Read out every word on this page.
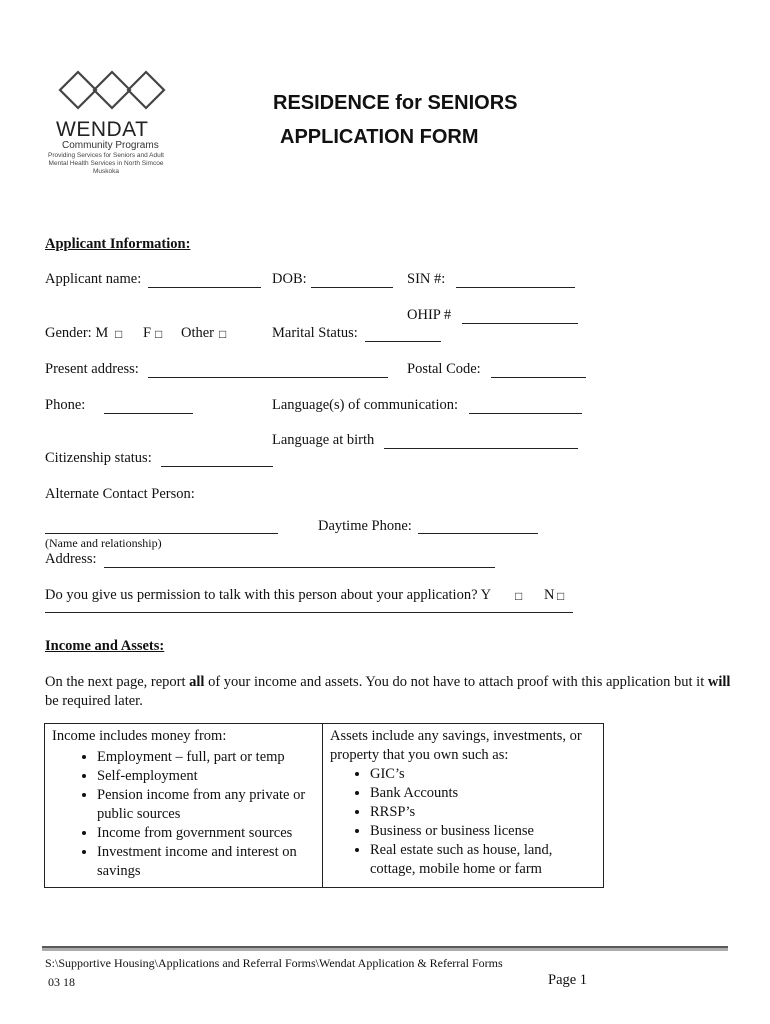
WENDAT
Community Programs
Providing Services for Seniors and Adult Mental Health Services in North Simcoe Muskoka
RESIDENCE for SENIORS
APPLICATION FORM
Applicant Information:
Applicant name:	DOB:	SIN #:
OHIP #
Gender: M □ F □ Other □	Marital Status:
Present address:	Postal Code:
Phone:	Language(s) of communication:
Language at birth
Citizenship status:
Alternate Contact Person:
Daytime Phone:
(Name and relationship)
Address:
Do you give us permission to talk with this person about your application? Y □ N □
Income and Assets:
On the next page, report all of your income and assets. You do not have to attach proof with this application but it will be required later.
Income includes money from:
• Employment – full, part or temp
• Self-employment
• Pension income from any private or public sources
• Income from government sources
• Investment income and interest on savings

Assets include any savings, investments, or property that you own such as:
• GIC’s
• Bank Accounts
• RRSP’s
• Business or business license
• Real estate such as house, land, cottage, mobile home or farm
S:\Supportive Housing\Applications and Referral Forms\Wendat Application & Referral Forms
03 18	Page 1
